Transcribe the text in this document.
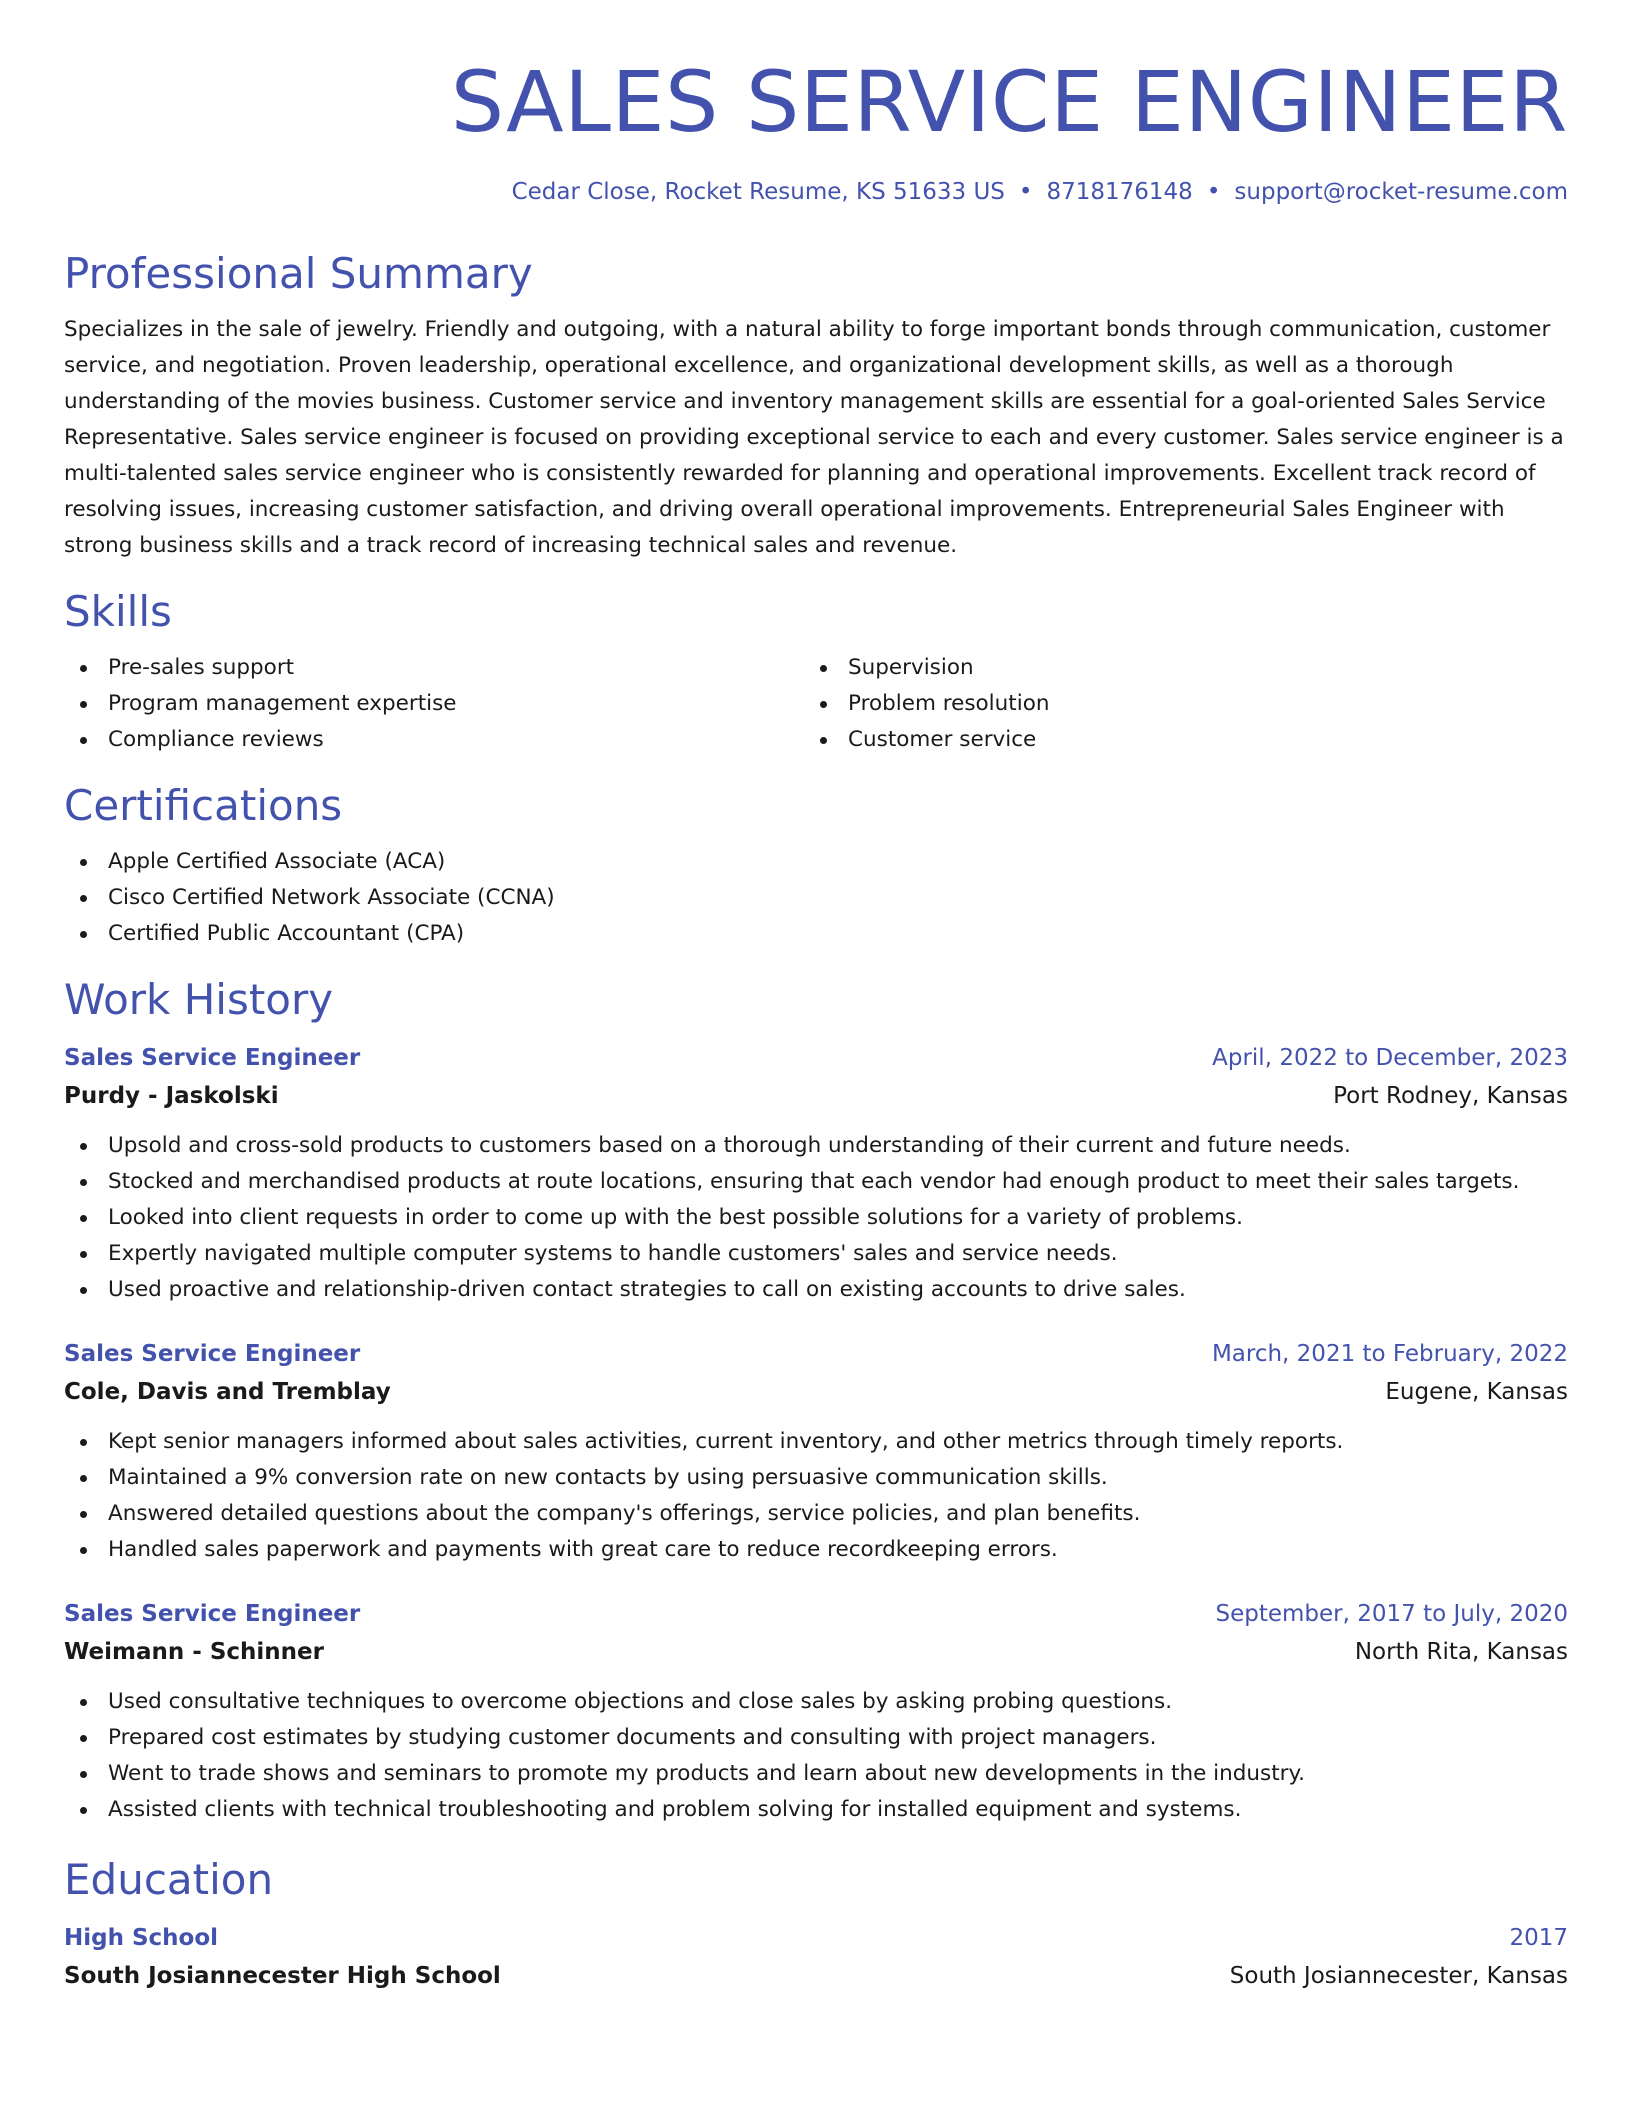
SALES SERVICE ENGINEER
Cedar Close, Rocket Resume, KS 51633 US • 8718176148 • support@rocket-resume.com
Professional Summary
Specializes in the sale of jewelry. Friendly and outgoing, with a natural ability to forge important bonds through communication, customer service, and negotiation. Proven leadership, operational excellence, and organizational development skills, as well as a thorough understanding of the movies business. Customer service and inventory management skills are essential for a goal-oriented Sales Service Representative. Sales service engineer is focused on providing exceptional service to each and every customer. Sales service engineer is a multi-talented sales service engineer who is consistently rewarded for planning and operational improvements. Excellent track record of resolving issues, increasing customer satisfaction, and driving overall operational improvements. Entrepreneurial Sales Engineer with strong business skills and a track record of increasing technical sales and revenue.
Skills
Pre-sales support
Program management expertise
Compliance reviews
Supervision
Problem resolution
Customer service
Certifications
Apple Certified Associate (ACA)
Cisco Certified Network Associate (CCNA)
Certified Public Accountant (CPA)
Work History
Sales Service Engineer	April, 2022 to December, 2023
Purdy - Jaskolski	Port Rodney, Kansas
Upsold and cross-sold products to customers based on a thorough understanding of their current and future needs.
Stocked and merchandised products at route locations, ensuring that each vendor had enough product to meet their sales targets.
Looked into client requests in order to come up with the best possible solutions for a variety of problems.
Expertly navigated multiple computer systems to handle customers' sales and service needs.
Used proactive and relationship-driven contact strategies to call on existing accounts to drive sales.
Sales Service Engineer	March, 2021 to February, 2022
Cole, Davis and Tremblay	Eugene, Kansas
Kept senior managers informed about sales activities, current inventory, and other metrics through timely reports.
Maintained a 9% conversion rate on new contacts by using persuasive communication skills.
Answered detailed questions about the company's offerings, service policies, and plan benefits.
Handled sales paperwork and payments with great care to reduce recordkeeping errors.
Sales Service Engineer	September, 2017 to July, 2020
Weimann - Schinner	North Rita, Kansas
Used consultative techniques to overcome objections and close sales by asking probing questions.
Prepared cost estimates by studying customer documents and consulting with project managers.
Went to trade shows and seminars to promote my products and learn about new developments in the industry.
Assisted clients with technical troubleshooting and problem solving for installed equipment and systems.
Education
High School	2017
South Josiannecester High School	South Josiannecester, Kansas
